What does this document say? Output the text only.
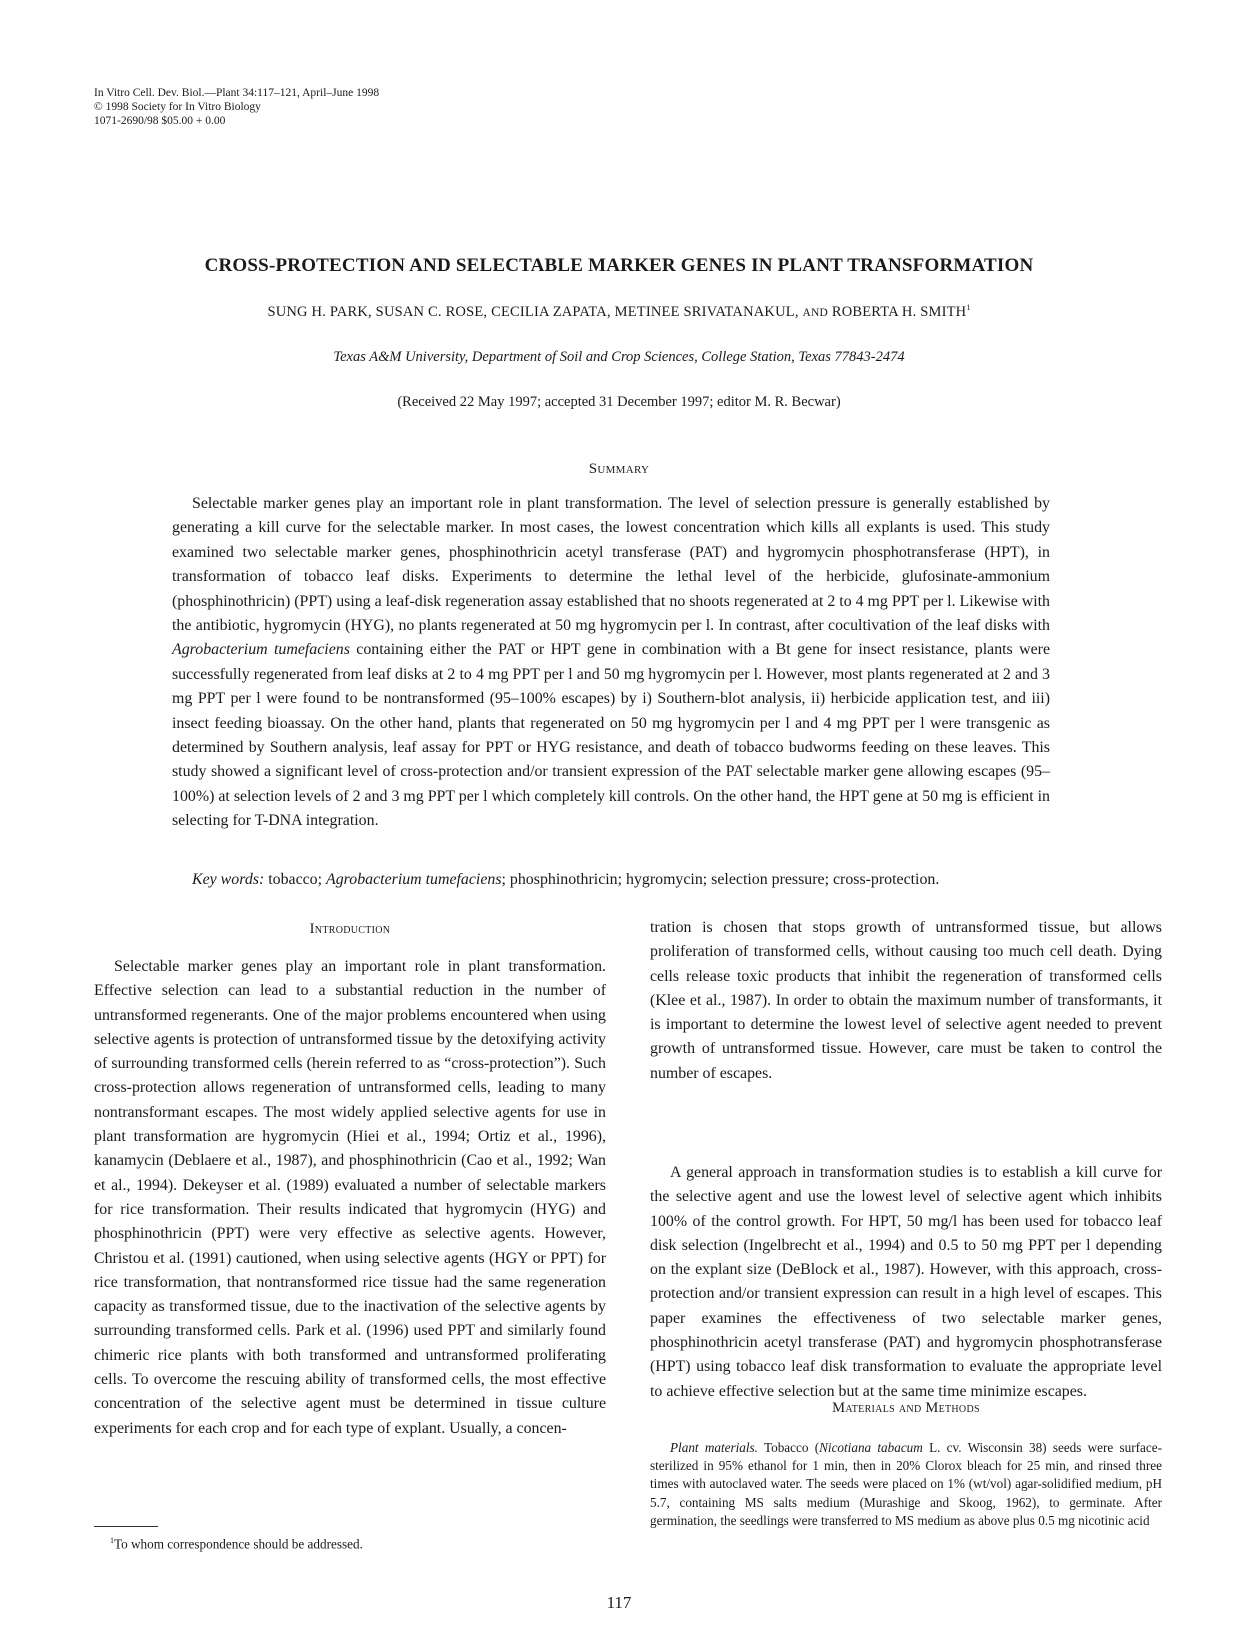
In Vitro Cell. Dev. Biol.—Plant 34:117–121, April–June 1998
© 1998 Society for In Vitro Biology
1071-2690/98 $05.00 + 0.00
CROSS-PROTECTION AND SELECTABLE MARKER GENES IN PLANT TRANSFORMATION
SUNG H. PARK, SUSAN C. ROSE, CECILIA ZAPATA, METINEE SRIVATANAKUL, AND ROBERTA H. SMITH$^1$
Texas A&M University, Department of Soil and Crop Sciences, College Station, Texas 77843-2474
(Received 22 May 1997; accepted 31 December 1997; editor M. R. Becwar)
Summary

Selectable marker genes play an important role in plant transformation. The level of selection pressure is generally established by generating a kill curve for the selectable marker. In most cases, the lowest concentration which kills all explants is used. This study examined two selectable marker genes, phosphinothricin acetyl transferase (PAT) and hygromycin phosphotransferase (HPT), in transformation of tobacco leaf disks. Experiments to determine the lethal level of the herbicide, glufosinate-ammonium (phosphinothricin) (PPT) using a leaf-disk regeneration assay established that no shoots regenerated at 2 to 4 mg PPT per l. Likewise with the antibiotic, hygromycin (HYG), no plants regenerated at 50 mg hygromycin per l. In contrast, after cocultivation of the leaf disks with Agrobacterium tumefaciens containing either the PAT or HPT gene in combination with a Bt gene for insect resistance, plants were successfully regenerated from leaf disks at 2 to 4 mg PPT per l and 50 mg hygromycin per l. However, most plants regenerated at 2 and 3 mg PPT per l were found to be nontransformed (95–100% escapes) by i) Southern-blot analysis, ii) herbicide application test, and iii) insect feeding bioassay. On the other hand, plants that regenerated on 50 mg hygromycin per l and 4 mg PPT per l were transgenic as determined by Southern analysis, leaf assay for PPT or HYG resistance, and death of tobacco budworms feeding on these leaves. This study showed a significant level of cross-protection and/or transient expression of the PAT selectable marker gene allowing escapes (95–100%) at selection levels of 2 and 3 mg PPT per l which completely kill controls. On the other hand, the HPT gene at 50 mg is efficient in selecting for T-DNA integration.

Key words: tobacco; Agrobacterium tumefaciens; phosphinothricin; hygromycin; selection pressure; cross-protection.

Introduction

Selectable marker genes play an important role in plant transformation. Effective selection can lead to a substantial reduction in the number of untransformed regenerants. One of the major problems encountered when using selective agents is protection of untransformed tissue by the detoxifying activity of surrounding transformed cells (herein referred to as “cross-protection”). Such cross-protection allows regeneration of untransformed cells, leading to many nontransformant escapes. The most widely applied selective agents for use in plant transformation are hygromycin (Hiei et al., 1994; Ortiz et al., 1996), kanamycin (Deblaere et al., 1987), and phosphinothricin (Cao et al., 1992; Wan et al., 1994). Dekeyser et al. (1989) evaluated a number of selectable markers for rice transformation. Their results indicated that hygromycin (HYG) and phosphinothricin (PPT) were very effective as selective agents. However, Christou et al. (1991) cautioned, when using selective agents (HGY or PPT) for rice transformation, that nontransformed rice tissue had the same regeneration capacity as transformed tissue, due to the inactivation of the selective agents by surrounding transformed cells. Park et al. (1996) used PPT and similarly found chimeric rice plants with both transformed and untransformed proliferating cells. To overcome the rescuing ability of transformed cells, the most effective concentration of the selective agent must be determined in tissue culture experiments for each crop and for each type of explant. Usually, a concen-

tration is chosen that stops growth of untransformed tissue, but allows proliferation of transformed cells, without causing too much cell death. Dying cells release toxic products that inhibit the regeneration of transformed cells (Klee et al., 1987). In order to obtain the maximum number of transformants, it is important to determine the lowest level of selective agent needed to prevent growth of untransformed tissue. However, care must be taken to control the number of escapes.

A general approach in transformation studies is to establish a kill curve for the selective agent and use the lowest level of selective agent which inhibits 100% of the control growth. For HPT, 50 mg/l has been used for tobacco leaf disk selection (Ingelbrecht et al., 1994) and 0.5 to 50 mg PPT per l depending on the explant size (DeBlock et al., 1987). However, with this approach, cross-protection and/or transient expression can result in a high level of escapes. This paper examines the effectiveness of two selectable marker genes, phosphinothricin acetyl transferase (PAT) and hygromycin phosphotransferase (HPT) using tobacco leaf disk transformation to evaluate the appropriate level to achieve effective selection but at the same time minimize escapes.

Materials and Methods

Plant materials. Tobacco (Nicotiana tabacum L. cv. Wisconsin 38) seeds were surface-sterilized in 95% ethanol for 1 min, then in 20% Clorox bleach for 25 min, and rinsed three times with autoclaved water. The seeds were placed on 1% (wt/vol) agar-solidified medium, pH 5.7, containing MS salts medium (Murashige and Skoog, 1962), to germinate. After germination, the seedlings were transferred to MS medium as above plus 0.5 mg nicotinic acid

$^1$To whom correspondence should be addressed.
117
